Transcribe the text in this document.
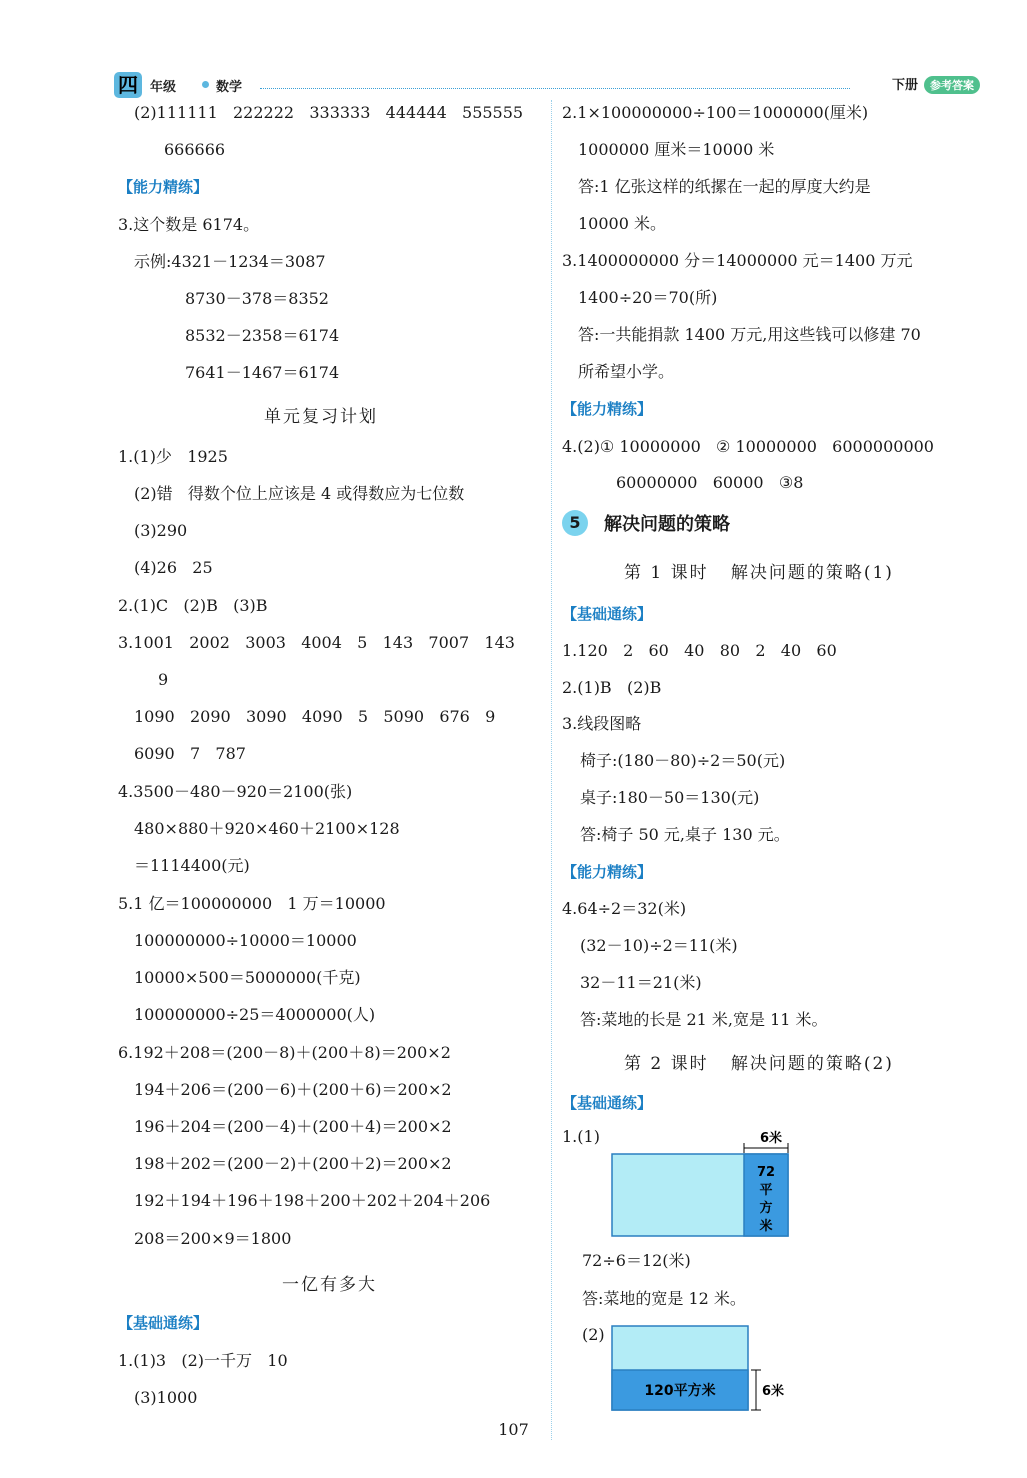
四 年级	数学	下册 参考答案
(2)111111   222222   333333   444444   555555
666666
【能力精练】
3.这个数是 6174。
示例:4321－1234＝3087
8730－378＝8352
8532－2358＝6174
7641－1467＝6174
单元复习计划
1.(1)少   1925
(2)错   得数个位上应该是 4 或得数应为七位数
(3)290
(4)26   25
2.(1)C   (2)B   (3)B
3.1001   2002   3003   4004   5   143   7007   143
9
1090   2090   3090   4090   5   5090   676   9
6090   7   787
4.3500－480－920＝2100(张)
480×880＋920×460＋2100×128
＝1114400(元)
5.1 亿＝100000000   1 万＝10000
100000000÷10000＝10000
10000×500＝5000000(千克)
100000000÷25＝4000000(人)
6.192＋208＝(200－8)＋(200＋8)＝200×2
194＋206＝(200－6)＋(200＋6)＝200×2
196＋204＝(200－4)＋(200＋4)＝200×2
198＋202＝(200－2)＋(200＋2)＝200×2
192＋194＋196＋198＋200＋202＋204＋206
208＝200×9＝1800
一亿有多大
【基础通练】
1.(1)3   (2)一千万   10
(3)1000
2.1×100000000÷100＝1000000(厘米)
1000000 厘米＝10000 米
答:1 亿张这样的纸摞在一起的厚度大约是
10000 米。
3.1400000000 分＝14000000 元＝1400 万元
1400÷20＝70(所)
答:一共能捐款 1400 万元,用这些钱可以修建 70
所希望小学。
【能力精练】
4.(2)① 10000000   ② 10000000   6000000000
60000000   60000   ③8
5	解决问题的策略
第 1 课时   解决问题的策略(1)
【基础通练】
1.120   2   60   40   80   2   40   60
2.(1)B   (2)B
3.线段图略
椅子:(180－80)÷2＝50(元)
桌子:180－50＝130(元)
答:椅子 50 元,桌子 130 元。
【能力精练】
4.64÷2＝32(米)
(32－10)÷2＝11(米)
32－11＝21(米)
答:菜地的长是 21 米,宽是 11 米。
第 2 课时   解决问题的策略(2)
【基础通练】
1.(1)
72÷6＝12(米)
答:菜地的宽是 12 米。
(2)
6米
72
平
方
米
120平方米	6米
107
